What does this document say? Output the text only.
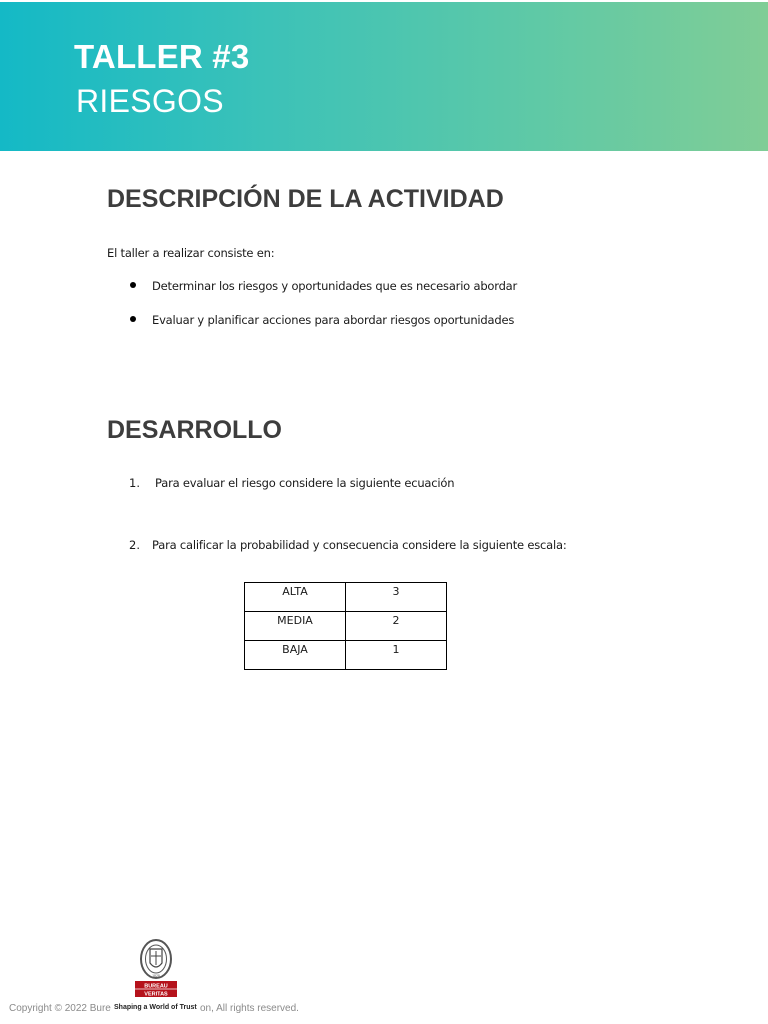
TALLER #3
RIESGOS
DESCRIPCIÓN DE LA ACTIVIDAD
El taller a realizar consiste en:
Determinar los riesgos y oportunidades que es necesario abordar
Evaluar y planificar acciones para abordar riesgos oportunidades
DESARROLLO
1. Para evaluar el riesgo considere la siguiente ecuación
2. Para calificar la probabilidad y consecuencia considere la siguiente escala:
ALTA	3
MEDIA	2
BAJA	1
Copyright © 2022 Bure	on, All rights reserved.
BUREAU
VERITAS
1828
Shaping a World of Trust
